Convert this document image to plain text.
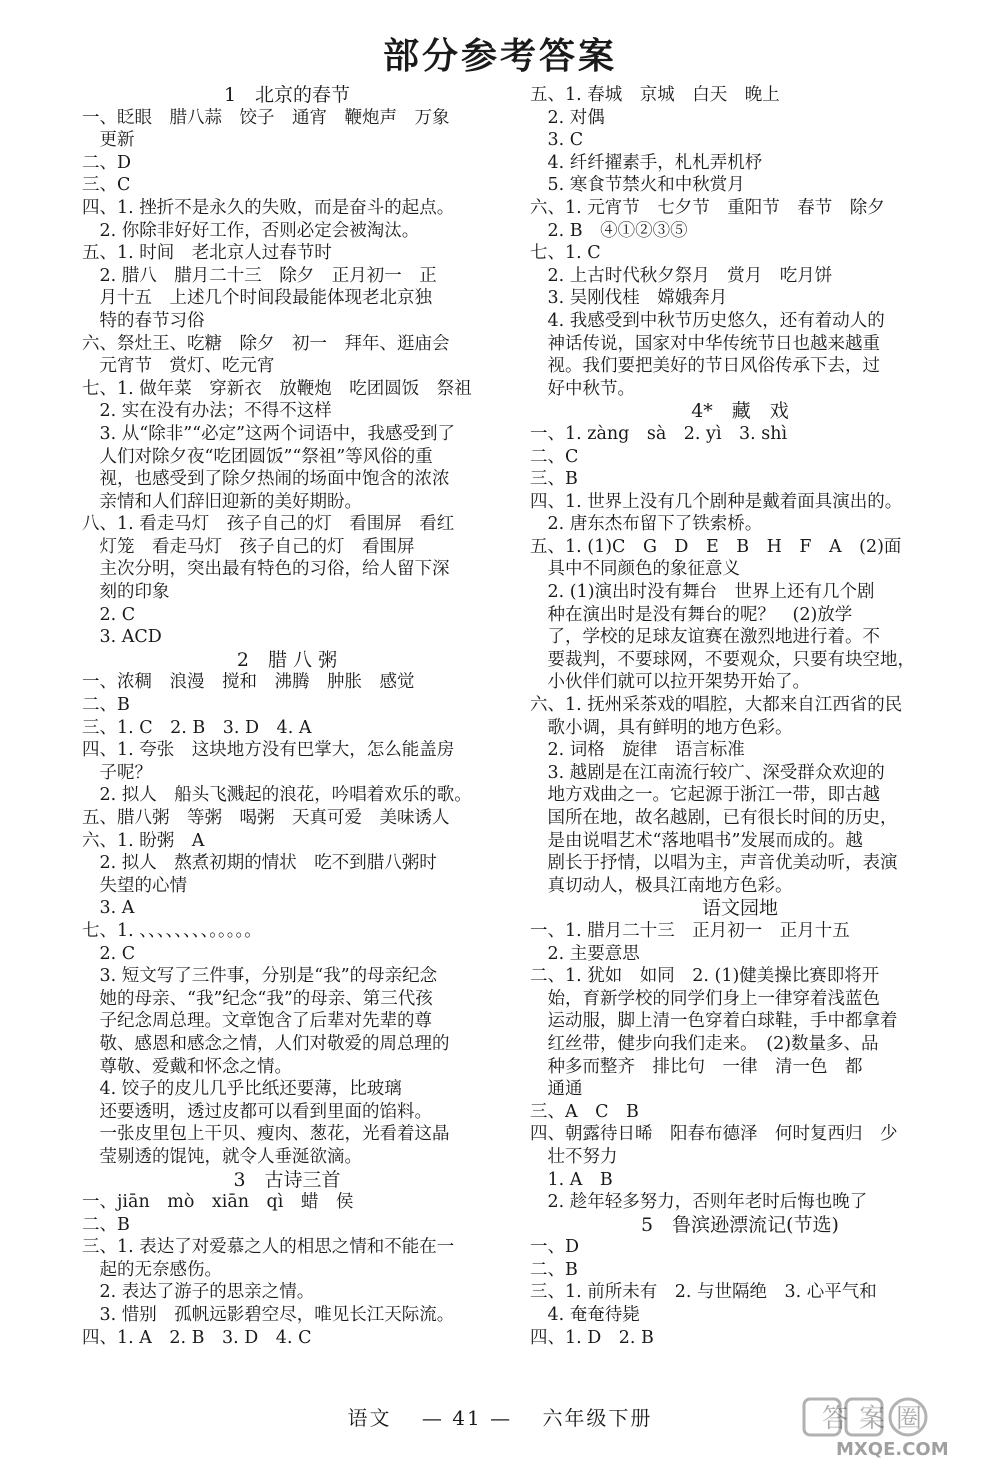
部分参考答案
1　北京的春节
一、眨眼　腊八蒜　饺子　通宵　鞭炮声　万象
　更新
二、D
三、C
四、1. 挫折不是永久的失败，而是奋斗的起点。
　2. 你除非好好工作，否则必定会被淘汰。
五、1. 时间　老北京人过春节时
　2. 腊八　腊月二十三　除夕　正月初一　正
　月十五　上述几个时间段最能体现老北京独
　特的春节习俗
六、祭灶王、吃糖　除夕　初一　拜年、逛庙会
　元宵节　赏灯、吃元宵
七、1. 做年菜　穿新衣　放鞭炮　吃团圆饭　祭祖
　2. 实在没有办法；不得不这样
　3. 从“除非”“必定”这两个词语中，我感受到了
　人们对除夕夜“吃团圆饭”“祭祖”等风俗的重
　视，也感受到了除夕热闹的场面中饱含的浓浓
　亲情和人们辞旧迎新的美好期盼。
八、1. 看走马灯　孩子自己的灯　看围屏　看红
　灯笼　看走马灯　孩子自己的灯　看围屏
　主次分明，突出最有特色的习俗，给人留下深
　刻的印象
　2. C
　3. ACD
2　腊 八 粥
一、浓稠　浪漫　搅和　沸腾　肿胀　感觉
二、B
三、1. C　2. B　3. D　4. A
四、1. 夸张　这块地方没有巴掌大，怎么能盖房
　子呢？
　2. 拟人　船头飞溅起的浪花，吟唱着欢乐的歌。
五、腊八粥　等粥　喝粥　天真可爱　美味诱人
六、1. 盼粥　A
　2. 拟人　熬煮初期的情状　吃不到腊八粥时
　失望的心情
　3. A
七、1. 、、、、、、、、。。。。。
　2. C
　3. 短文写了三件事，分别是“我”的母亲纪念
　她的母亲、“我”纪念“我”的母亲、第三代孩
　子纪念周总理。文章饱含了后辈对先辈的尊
　敬、感恩和感念之情，人们对敬爱的周总理的
　尊敬、爱戴和怀念之情。
　4. 饺子的皮儿几乎比纸还要薄，比玻璃
　还要透明，透过皮都可以看到里面的馅料。
　一张皮里包上干贝、瘦肉、葱花，光看着这晶
　莹剔透的馄饨，就令人垂涎欲滴。
3　古诗三首
一、jiān　mò　xiān　qì　蜡　侯
二、B
三、1. 表达了对爱慕之人的相思之情和不能在一
　起的无奈感伤。
　2. 表达了游子的思亲之情。
　3. 惜别　孤帆远影碧空尽，唯见长江天际流。
四、1. A　2. B　3. D　4. C
五、1. 春城　京城　白天　晚上
　2. 对偶
　3. C
　4. 纤纤擢素手，札札弄机杼
　5. 寒食节禁火和中秋赏月
六、1. 元宵节　七夕节　重阳节　春节　除夕
　2. B　④①②③⑤
七、1. C
　2. 上古时代秋夕祭月　赏月　吃月饼
　3. 吴刚伐桂　嫦娥奔月
　4. 我感受到中秋节历史悠久，还有着动人的
　神话传说，国家对中华传统节日也越来越重
　视。我们要把美好的节日风俗传承下去，过
　好中秋节。
4*　藏　戏
一、1. zàng　sà　2. yì　3. shì
二、C
三、B
四、1. 世界上没有几个剧种是戴着面具演出的。
　2. 唐东杰布留下了铁索桥。
五、1. (1)C　G　D　E　B　H　F　A　(2)面
　具中不同颜色的象征意义
　2. (1)演出时没有舞台　世界上还有几个剧
　种在演出时是没有舞台的呢？　(2)放学
　了，学校的足球友谊赛在激烈地进行着。不
　要裁判，不要球网，不要观众，只要有块空地，
　小伙伴们就可以拉开架势开始了。
六、1. 抚州采茶戏的唱腔，大都来自江西省的民
　歌小调，具有鲜明的地方色彩。
　2. 词格　旋律　语言标准
　3. 越剧是在江南流行较广、深受群众欢迎的
　地方戏曲之一。它起源于浙江一带，即古越
　国所在地，故名越剧，已有很长时间的历史，
　是由说唱艺术“落地唱书”发展而成的。越
　剧长于抒情，以唱为主，声音优美动听，表演
　真切动人，极具江南地方色彩。
语文园地
一、1. 腊月二十三　正月初一　正月十五
　2. 主要意思
二、1. 犹如　如同　2. (1)健美操比赛即将开
　始，育新学校的同学们身上一律穿着浅蓝色
　运动服，脚上清一色穿着白球鞋，手中都拿着
　红丝带，健步向我们走来。　(2)数量多、品
　种多而整齐　排比句　一律　清一色　都
　通通
三、A　C　B
四、朝露待日晞　阳春布德泽　何时复西归　少
　壮不努力
　1. A　B
　2. 趁年轻多努力，否则年老时后悔也晚了
5　鲁滨逊漂流记(节选)
一、D
二、B
三、1. 前所未有　2. 与世隔绝　3. 心平气和
　4. 奄奄待毙
四、1. D　2. B
语文 　 — 41 —　 六年级下册	答案圈
MXQE.COM
